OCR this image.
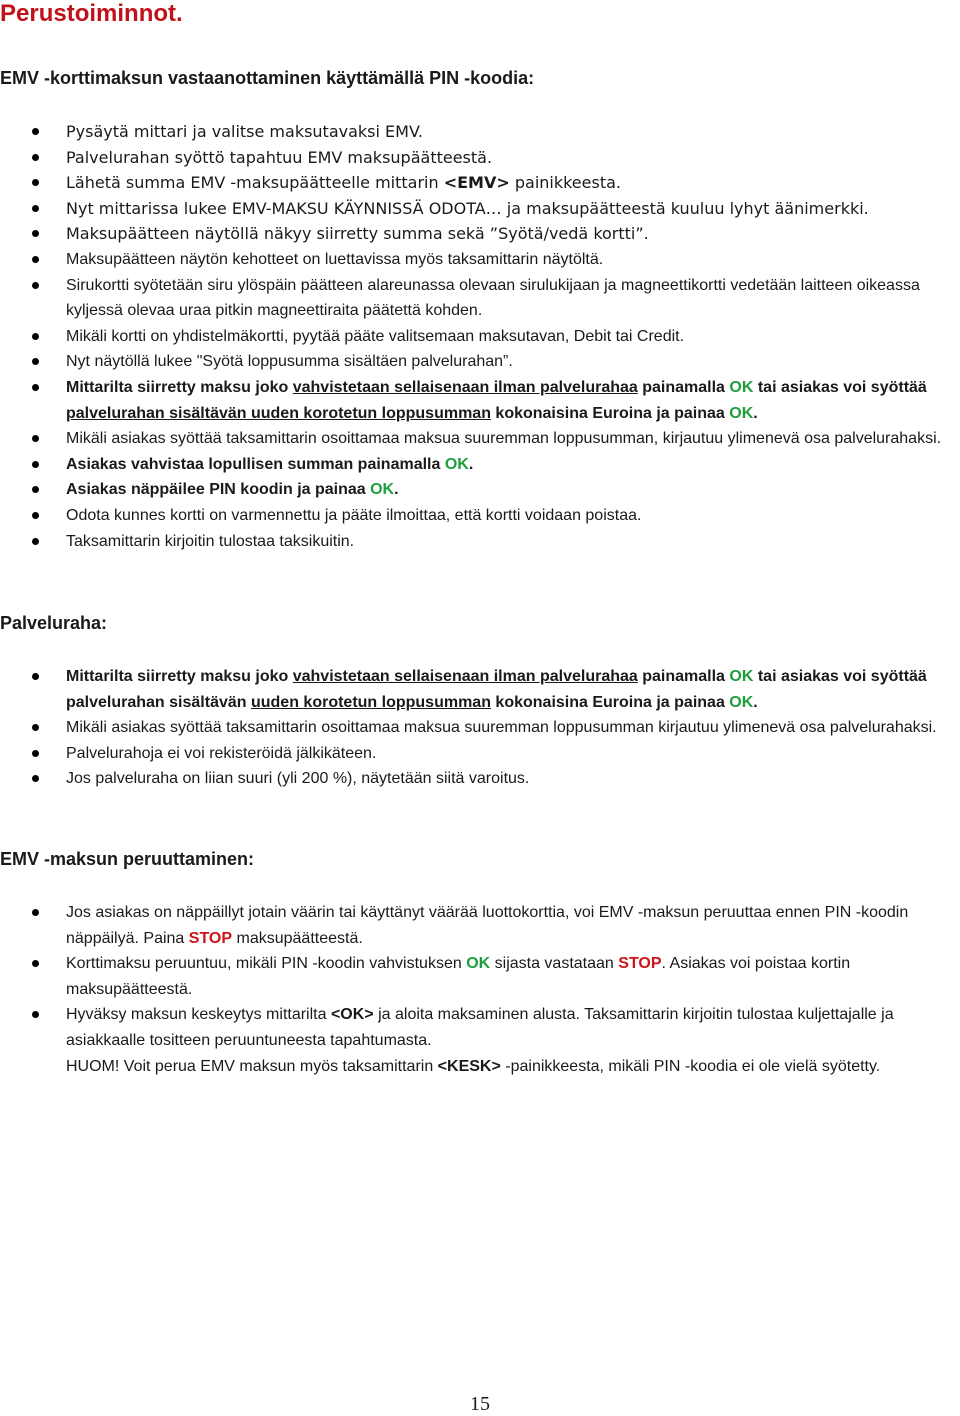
Perustoiminnot.
EMV -korttimaksun vastaanottaminen käyttämällä PIN -koodia:
Pysäytä mittari ja valitse maksutavaksi EMV.
Palvelurahan syöttö tapahtuu EMV maksupäätteestä.
Lähetä summa EMV -maksupäätteelle mittarin <EMV> painikkeesta.
Nyt mittarissa lukee EMV-MAKSU KÄYNNISSÄ ODOTA… ja maksupäätteestä kuuluu lyhyt äänimerkki.
Maksupäätteen näytöllä näkyy siirretty summa sekä ”Syötä/vedä kortti”.
Maksupäätteen näytön kehotteet on luettavissa myös taksamittarin näytöltä.
Sirukortti syötetään siru ylöspäin päätteen alareunassa olevaan sirulukijaan ja magneettikortti vedetään laitteen oikeassa kyljessä olevaa uraa pitkin magneettiraita päätettä kohden.
Mikäli kortti on yhdistelmäkortti, pyytää pääte valitsemaan maksutavan, Debit tai Credit.
Nyt näytöllä lukee "Syötä loppusumma sisältäen palvelurahan”.
Mittarilta siirretty maksu joko vahvistetaan sellaisenaan ilman palvelurahaa painamalla OK tai asiakas voi syöttää palvelurahan sisältävän uuden korotetun loppusumman kokonaisina Euroina ja painaa OK.
Mikäli asiakas syöttää taksamittarin osoittamaa maksua suuremman loppusumman, kirjautuu ylimenevä osa palvelurahaksi.
Asiakas vahvistaa lopullisen summan painamalla OK.
Asiakas näppäilee PIN koodin ja painaa OK.
Odota kunnes kortti on varmennettu ja pääte ilmoittaa, että kortti voidaan poistaa.
Taksamittarin kirjoitin tulostaa taksikuitin.
Palveluraha:
Mittarilta siirretty maksu joko vahvistetaan sellaisenaan ilman palvelurahaa painamalla OK tai asiakas voi syöttää palvelurahan sisältävän uuden korotetun loppusumman kokonaisina Euroina ja painaa OK.
Mikäli asiakas syöttää taksamittarin osoittamaa maksua suuremman loppusumman kirjautuu ylimenevä osa palvelurahaksi.
Palvelurahoja ei voi rekisteröidä jälkikäteen.
Jos palveluraha on liian suuri (yli 200 %), näytetään siitä varoitus.
EMV -maksun peruuttaminen:
Jos asiakas on näppäillyt jotain väärin tai käyttänyt väärää luottokorttia, voi EMV -maksun peruuttaa ennen PIN -koodin näppäilyä. Paina STOP maksupäätteestä.
Korttimaksu peruuntuu, mikäli PIN -koodin vahvistuksen OK sijasta vastataan STOP. Asiakas voi poistaa kortin maksupäätteestä.
Hyväksy maksun keskeytys mittarilta <OK> ja aloita maksaminen alusta. Taksamittarin kirjoitin tulostaa kuljettajalle ja asiakkaalle tositteen peruuntuneesta tapahtumasta.
HUOM! Voit perua EMV maksun myös taksamittarin <KESK> -painikkeesta, mikäli PIN -koodia ei ole vielä syötetty.
15
